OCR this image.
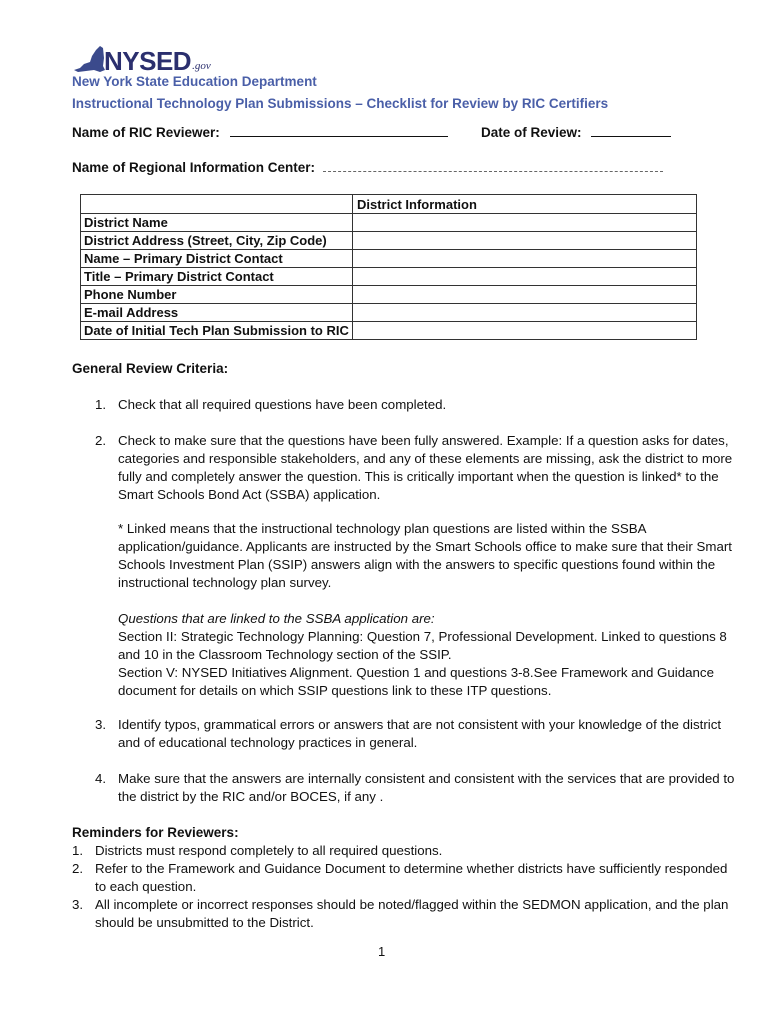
NYSED .gov
New York State Education Department
Instructional Technology Plan Submissions – Checklist for Review by RIC Certifiers
Name of RIC Reviewer:	Date of Review:
Name of Regional Information Center:
	District Information
District Name	
District Address (Street, City, Zip Code)	
Name – Primary District Contact	
Title – Primary District Contact	
Phone Number	
E-mail Address	
Date of Initial Tech Plan Submission to RIC	
General Review Criteria:
1. Check that all required questions have been completed.
2. Check to make sure that the questions have been fully answered. Example: If a question asks for dates,
categories and responsible stakeholders, and any of these elements are missing, ask the district to more
fully and completely answer the question. This is critically important when the question is linked* to the
Smart Schools Bond Act (SSBA) application.
* Linked means that the instructional technology plan questions are listed within the SSBA
application/guidance. Applicants are instructed by the Smart Schools office to make sure that their Smart
Schools Investment Plan (SSIP) answers align with the answers to specific questions found within the
instructional technology plan survey.
Questions that are linked to the SSBA application are:
Section II: Strategic Technology Planning: Question 7, Professional Development. Linked to questions 8
and 10 in the Classroom Technology section of the SSIP.
Section V: NYSED Initiatives Alignment. Question 1 and questions 3-8.See Framework and Guidance
document for details on which SSIP questions link to these ITP questions.
3. Identify typos, grammatical errors or answers that are not consistent with your knowledge of the district
and of educational technology practices in general.
4. Make sure that the answers are internally consistent and consistent with the services that are provided to
the district by the RIC and/or BOCES, if any .
Reminders for Reviewers:
1. Districts must respond completely to all required questions.
2. Refer to the Framework and Guidance Document to determine whether districts have sufficiently responded
to each question.
3. All incomplete or incorrect responses should be noted/flagged within the SEDMON application, and the plan
should be unsubmitted to the District.
1
